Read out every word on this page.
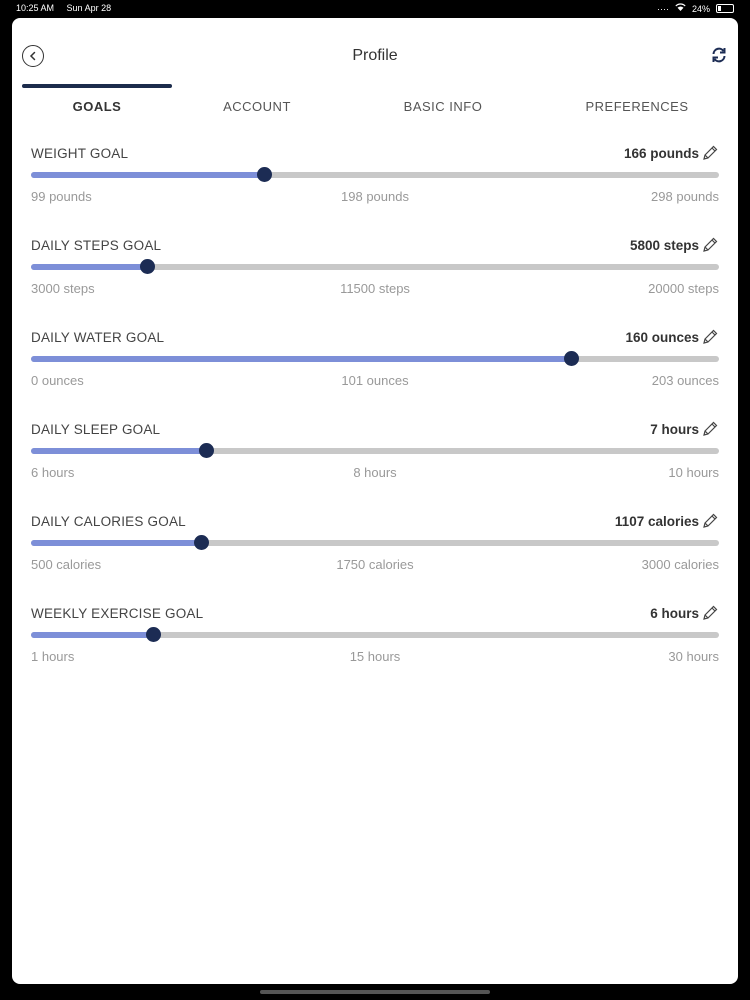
10:25 AM Sun Apr 28	····	24%
Profile
GOALS	ACCOUNT	BASIC INFO	PREFERENCES
WEIGHT GOAL	166 pounds
99 pounds	198 pounds	298 pounds
DAILY STEPS GOAL	5800 steps
3000 steps	11500 steps	20000 steps
DAILY WATER GOAL	160 ounces
0 ounces	101 ounces	203 ounces
DAILY SLEEP GOAL	7 hours
6 hours	8 hours	10 hours
DAILY CALORIES GOAL	1107 calories
500 calories	1750 calories	3000 calories
WEEKLY EXERCISE GOAL	6 hours
1 hours	15 hours	30 hours
